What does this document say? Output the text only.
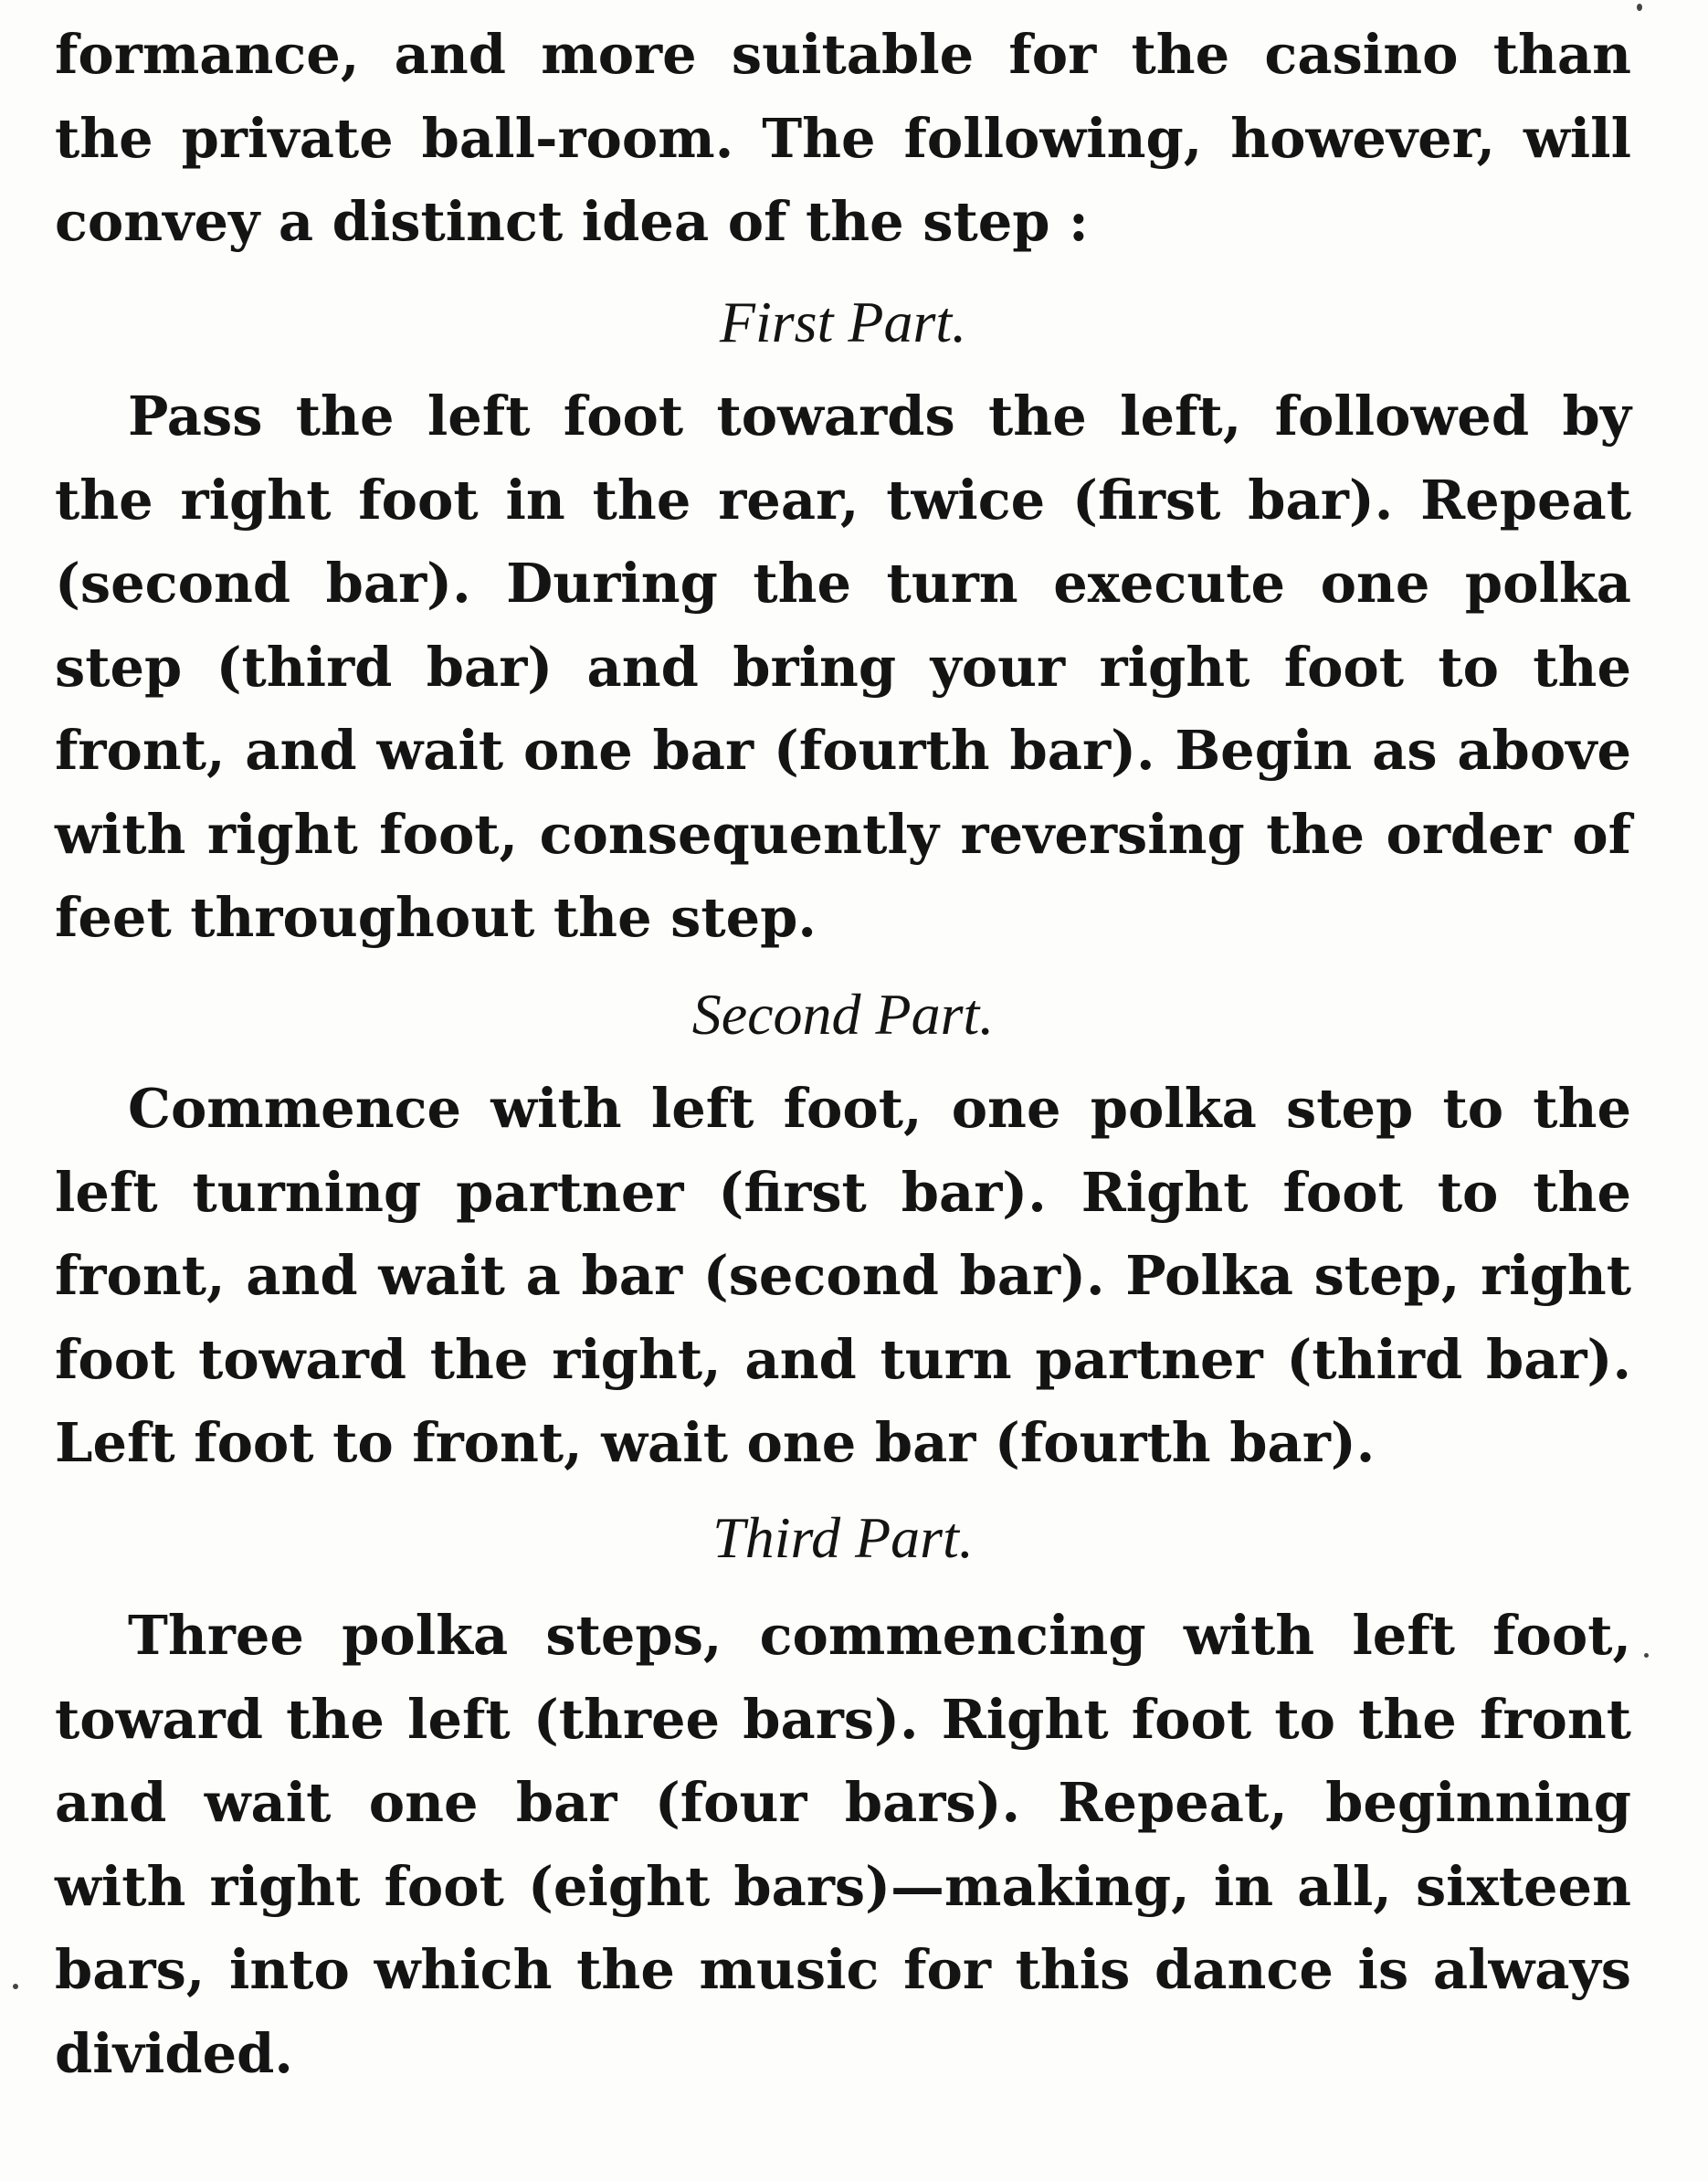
formance, and more suitable for the casino than the private ball-room. The following, however, will convey a distinct idea of the step :

First Part.

Pass the left foot towards the left, followed by the right foot in the rear, twice (first bar). Repeat (second bar). During the turn execute one polka step (third bar) and bring your right foot to the front, and wait one bar (fourth bar). Begin as above with right foot, consequently reversing the order of feet throughout the step.

Second Part.

Commence with left foot, one polka step to the left turning partner (first bar). Right foot to the front, and wait a bar (second bar). Polka step, right foot toward the right, and turn partner (third bar). Left foot to front, wait one bar (fourth bar).

Third Part.

Three polka steps, commencing with left foot, toward the left (three bars). Right foot to the front and wait one bar (four bars). Repeat, beginning with right foot (eight bars)—making, in all, sixteen bars, into which the music for this dance is always divided.
